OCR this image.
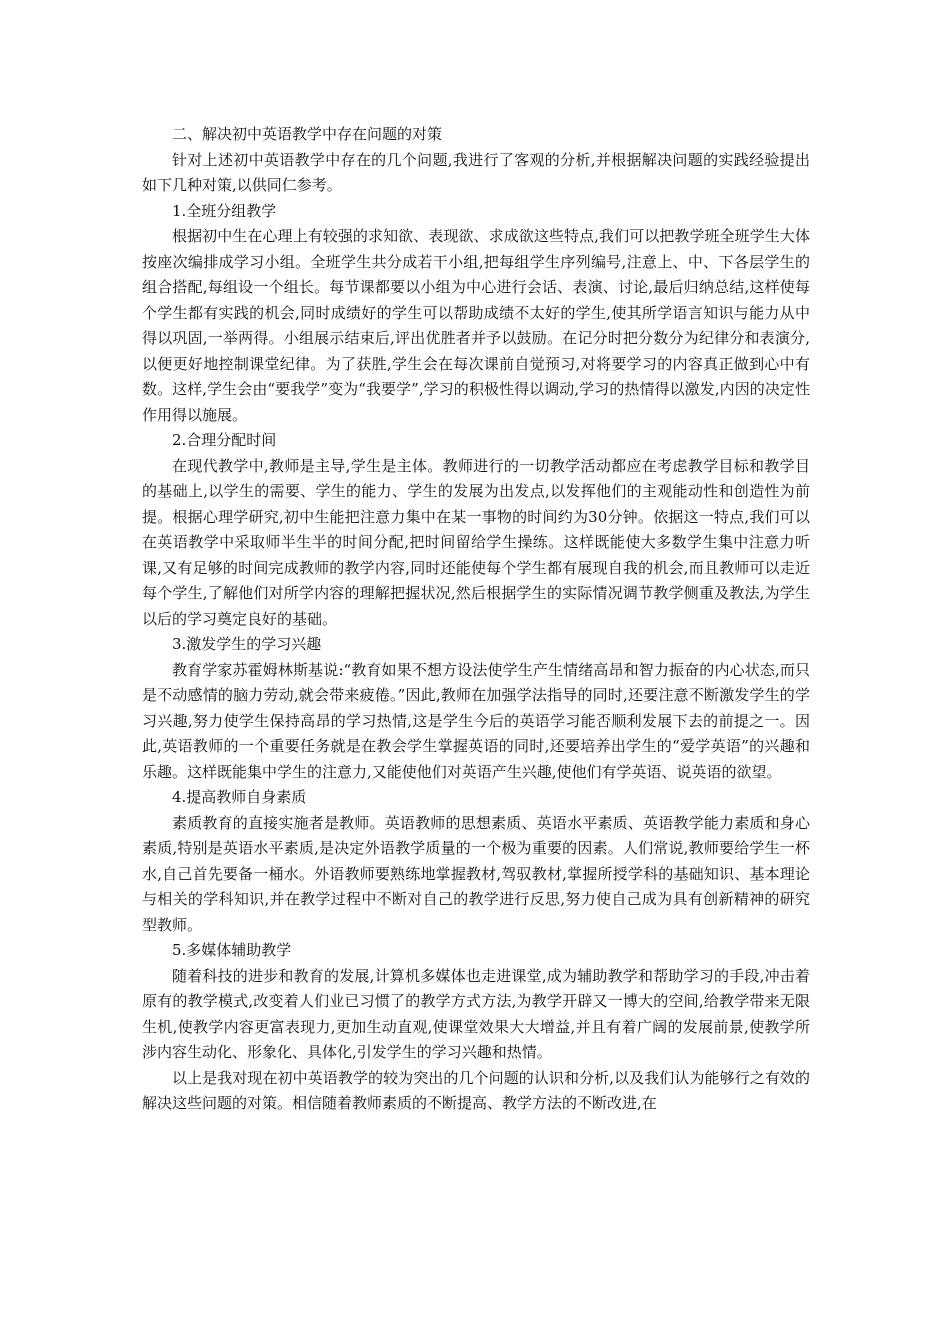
二、解决初中英语教学中存在问题的对策

针对上述初中英语教学中存在的几个问题,我进行了客观的分析,并根据解决问题的实践经验提出如下几种对策,以供同仁参考。

1.全班分组教学

根据初中生在心理上有较强的求知欲、表现欲、求成欲这些特点,我们可以把教学班全班学生大体按座次编排成学习小组。全班学生共分成若干小组,把每组学生序列编号,注意上、中、下各层学生的组合搭配,每组设一个组长。每节课都要以小组为中心进行会话、表演、讨论,最后归纳总结,这样使每个学生都有实践的机会,同时成绩好的学生可以帮助成绩不太好的学生,使其所学语言知识与能力从中得以巩固,一举两得。小组展示结束后,评出优胜者并予以鼓励。在记分时把分数分为纪律分和表演分,以便更好地控制课堂纪律。为了获胜,学生会在每次课前自觉预习,对将要学习的内容真正做到心中有数。这样,学生会由“要我学”变为“我要学”,学习的积极性得以调动,学习的热情得以激发,内因的决定性作用得以施展。

2.合理分配时间

在现代教学中,教师是主导,学生是主体。教师进行的一切教学活动都应在考虑教学目标和教学目的基础上,以学生的需要、学生的能力、学生的发展为出发点,以发挥他们的主观能动性和创造性为前提。根据心理学研究,初中生能把注意力集中在某一事物的时间约为30分钟。依据这一特点,我们可以在英语教学中采取师半生半的时间分配,把时间留给学生操练。这样既能使大多数学生集中注意力听课,又有足够的时间完成教师的教学内容,同时还能使每个学生都有展现自我的机会,而且教师可以走近每个学生,了解他们对所学内容的理解把握状况,然后根据学生的实际情况调节教学侧重及教法,为学生以后的学习奠定良好的基础。

3.激发学生的学习兴趣

教育学家苏霍姆林斯基说:“教育如果不想方设法使学生产生情绪高昂和智力振奋的内心状态,而只是不动感情的脑力劳动,就会带来疲倦。”因此,教师在加强学法指导的同时,还要注意不断激发学生的学习兴趣,努力使学生保持高昂的学习热情,这是学生今后的英语学习能否顺利发展下去的前提之一。因此,英语教师的一个重要任务就是在教会学生掌握英语的同时,还要培养出学生的“爱学英语”的兴趣和乐趣。这样既能集中学生的注意力,又能使他们对英语产生兴趣,使他们有学英语、说英语的欲望。

4.提高教师自身素质

素质教育的直接实施者是教师。英语教师的思想素质、英语水平素质、英语教学能力素质和身心素质,特别是英语水平素质,是决定外语教学质量的一个极为重要的因素。人们常说,教师要给学生一杯水,自己首先要备一桶水。外语教师要熟练地掌握教材,驾驭教材,掌握所授学科的基础知识、基本理论与相关的学科知识,并在教学过程中不断对自己的教学进行反思,努力使自己成为具有创新精神的研究型教师。

5.多媒体辅助教学

随着科技的进步和教育的发展,计算机多媒体也走进课堂,成为辅助教学和帮助学习的手段,冲击着原有的教学模式,改变着人们业已习惯了的教学方式方法,为教学开辟又一博大的空间,给教学带来无限生机,使教学内容更富表现力,更加生动直观,使课堂效果大大增益,并且有着广阔的发展前景,使教学所涉内容生动化、形象化、具体化,引发学生的学习兴趣和热情。

以上是我对现在初中英语教学的较为突出的几个问题的认识和分析,以及我们认为能够行之有效的解决这些问题的对策。相信随着教师素质的不断提高、教学方法的不断改进,在
